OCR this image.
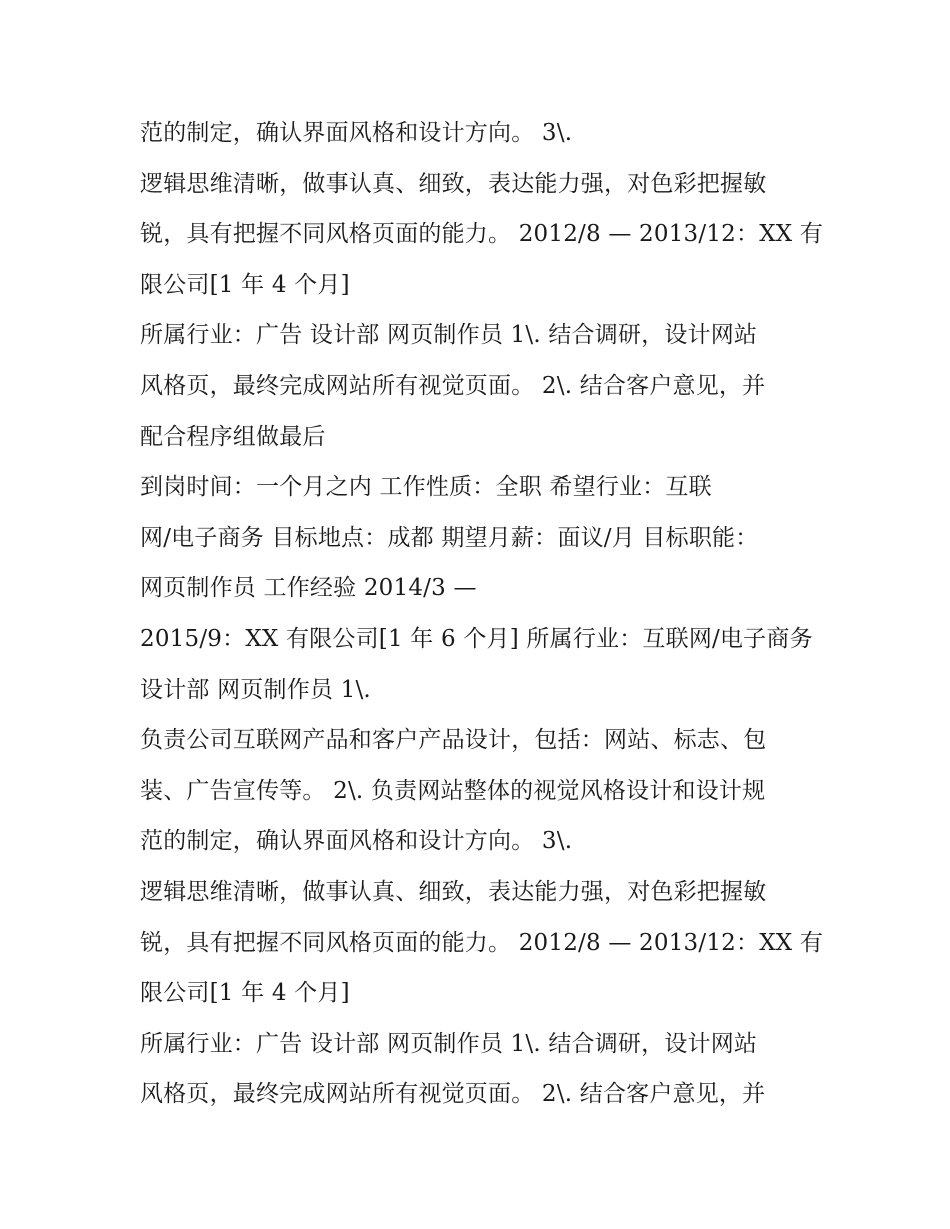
范的制定，确认界面风格和设计方向。 3\.
逻辑思维清晰，做事认真、细致，表达能力强，对色彩把握敏
锐，具有把握不同风格页面的能力。 2012/8 — 2013/12：XX 有
限公司[1 年 4 个月]
所属行业：广告 设计部 网页制作员 1\. 结合调研，设计网站
风格页，最终完成网站所有视觉页面。 2\. 结合客户意见，并
配合程序组做最后
到岗时间：一个月之内 工作性质：全职 希望行业：互联
网/电子商务 目标地点：成都 期望月薪：面议/月 目标职能：
网页制作员 工作经验 2014/3 —
2015/9：XX 有限公司[1 年 6 个月] 所属行业：互联网/电子商务
设计部 网页制作员 1\.
负责公司互联网产品和客户产品设计，包括：网站、标志、包
装、广告宣传等。 2\. 负责网站整体的视觉风格设计和设计规
范的制定，确认界面风格和设计方向。 3\.
逻辑思维清晰，做事认真、细致，表达能力强，对色彩把握敏
锐，具有把握不同风格页面的能力。 2012/8 — 2013/12：XX 有
限公司[1 年 4 个月]
所属行业：广告 设计部 网页制作员 1\. 结合调研，设计网站
风格页，最终完成网站所有视觉页面。 2\. 结合客户意见，并
